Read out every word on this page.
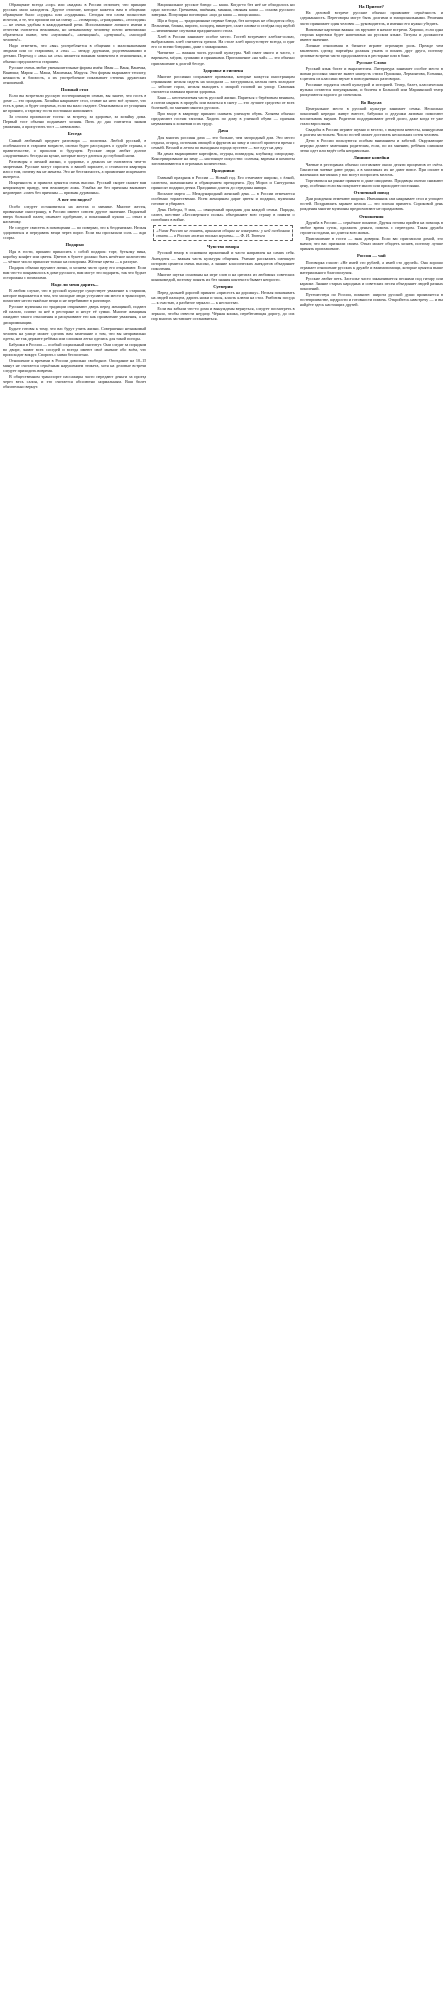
Обращение всегда «сор» или «мадам» в России отличает, что принцип русских мало находится. Другое отличие, которое кажется вам в общении: обращение было «сударь» или «сударыня». Сегодня эти слова полностью исчезли, а те, что пришли им на смену — «товарищ», «гражданин», «господин» — не очень удобны в каждодневной речи. Использование личного имени и отчества считается вежливым, но незнакомому человеку почти невозможно обратиться иначе, чем «мужчина!», «женщина!», «девушка!», «молодой человек!».

Надо отметить, что «вы» употребляется в общении с малознакомыми людьми или со старшими, а «ты» — между друзьями, родственниками и детьми. Переход с «вы» на «ты» является важным моментом в отношениях, и обычно предлагается старшим.

Русские очень любят уменьшительные формы имён: Иван — Ваня, Ванечка, Ванюша; Мария — Маша, Машенька, Маруся. Эти формы выражают теплоту, нежность и близость, а их употребление показывает степень дружеских отношений.

Полный стол

Если вы встретили русскую гостеприимную семью, вы знаете, что гость в доме — это праздник. Хозяйка накрывает стол, ставит на него всё лучшее, что есть в доме, и будет огорчена, если вы мало съедите. Отказываться от угощения не принято, а тарелку гостя постоянно наполняют.

За столом произносят тосты: за встречу, за здоровье, за хозяйку дома. Первый тост обычно поднимает хозяин. Пить до дна считается знаком уважения, а пропустить тост — невежливо.

Беседа

Самый любимый предмет разговора — политика. Любой русский, в особенности в старшем возрасте, охотно будет рассуждать о судьбе страны, о правительстве, о прошлом и будущем. Русские люди любят долгие «задушевные» беседы на кухне, которые могут длиться до глубокой ночи.

Разговоры о личной жизни, о здоровье, о деньгах не считаются чем-то запретным. Русские могут спросить о вашей зарплате, о стоимости квартиры или о том, почему вы не женаты. Это не бестактность, а проявление искреннего интереса.

Искренность и прямота ценятся очень высоко. Русский скорее скажет вам неприятную правду, чем вежливую ложь. Улыбка же без причины вызывает недоверие: «смех без причины — признак дурачины».

А вот это видел?

Особо следует остановиться на жестах и мимике. Многие жесты, привычные иностранцу, в России имеют совсем другое значение. Поднятый вверх большой палец означает одобрение, а показанный кукиш — отказ и насмешку.

Не следует свистеть в помещении — по поверью, это к безденежью. Нельзя здороваться и передавать вещи через порог. Если вы просыпали соль — жди ссоры.

Подарки

Идя в гости, принято приносить с собой подарок: торт, бутылку вина, коробку конфет или цветы. Цветов в букете должно быть нечётное количество — чётное число приносят только на похороны. Жёлтые цветы — к разлуке.

Подарок обычно вручают лично, и хозяева часто сразу его открывают. Если вам что-то понравилось в доме русского, вам могут это подарить, так что будьте осторожны с похвалами.

Надо ли меня дарить...

В любом случае, что в русской культуре существует уважение к старшим, которое выражается в том, что молодые люди уступают им место в транспорте, помогают нести тяжёлые вещи и не перебивают в разговоре.

Русские мужчины по традиции открывают дверь перед женщиной, подают ей пальто, платят за неё в ресторане и несут её сумки. Многие женщины ожидают такого отношения и расценивают его как проявление уважения, а не дискриминации.

Будьте готовы к тому, что вас будут учить жизни. Совершенно незнакомый человек на улице может сделать вам замечание о том, что вы неправильно одеты, не так держите ребёнка или слишком легко оделись для такой погоды.

Бабушки в России — особый социальный институт. Они следят за порядком во дворе, знают всех соседей и всегда имеют своё мнение обо всём, что происходит вокруг. Спорить с ними бесполезно.

Отношение к времени в России довольно свободное. Опоздание на 10–15 минут не считается серьёзным нарушением этикета, хотя на деловые встречи следует приходить вовремя.

В общественном транспорте пассажиры часто передают деньги за проезд через весь салон, и это считается абсолютно нормальным. Ваш билет обязательно вернут.

Национальное русское блюдо — каша. Когда-то без неё не обходилось ни одно застолье. Гречневая, пшённая, манная, овсяная каша — основа русского завтрака. Популярна поговорка: «щи да каша — пища наша».

Щи и борщ — традиционные первые блюда, без которых не обходится обед. Пельмени, блины, пироги, холодец, винегрет, салат оливье и селёдка под шубой — неизменные спутники праздничного стола.

Хлеб в России занимает особое место. Гостей встречают хлебом-солью, выбрасывать хлеб считается грехом. На столе хлеб присутствует всегда, и едят его со всеми блюдами, даже с макаронами.

Чаепитие — важная часть русской культуры. Чай пьют много и часто, с вареньем, мёдом, сушками и пряниками. Приглашение «на чай» — это обычно приглашение к долгой беседе.

Здоровье и гигиена

Многие россияни сохраняют привычки, которые кажутся иностранцам странными: нельзя сидеть на холодном — застудишься, нельзя пить холодное — заболит горло, нельзя выходить с мокрой головой на улицу. Сквозняк считается главным врагом здоровья.

Баня — неотъемлемая часть русской жизни. Париться с берёзовым веником, а потом нырять в прорубь или валяться в снегу — это лучшее средство от всех болезней, по мнению многих русских.

При входе в квартиру принято снимать уличную обувь. Хозяева обычно предлагают гостям тапочки. Ходить по дому в уличной обуви — признак неуважения к хозяевам и их труду.

Дача

Для многих россиян дача — это больше, чем загородный дом. Это место отдыха, огород, источник овощей и фруктов на зиму и способ провести время с семьёй. Весной и летом по выходным города пустеют — все едут на дачу.

На дачах выращивают картофель, огурцы, помидоры, клубнику, смородину. Консервирование на зиму — настоящее искусство: соленья, варенья и компоты заготавливаются в огромных количествах.

Праздники

Главный праздник в России — Новый год. Его отмечают широко, с ёлкой, салютом, шампанским и обращением президента. Дед Мороз и Снегурочка приносят подарки детям. Праздники длятся до середины января.

Восьмое марта — Международный женский день — в России отмечается особенно торжественно. Всем женщинам дарят цветы и подарки, мужчины готовят и убирают.

День Победы, 9 мая, — священный праздник для каждой семьи. Парады, салют, шествие «Бессмертного полка» объединяют всю страну в памяти о погибших в войне.

«Умом Россию не понять, аршином общим не измерить: у ней особенная стать — в Россию можно только верить». — Ф. И. Тютчев
Чувство юмора

Русский юмор в основном ироничный и часто направлен на самих себя. Анекдоты — важная часть культуры общения. Умение рассказать смешную историю ценится очень высоко, а знание классических анекдотов объединяет поколения.

Многие шутки основаны на игре слов и на цитатах из любимых советских кинокомедий, поэтому понять их без знания контекста бывает непросто.

Суеверия

Перед дальней дорогой принято «присесть на дорожку». Нельзя показывать на людей пальцем, дарить ножи и часы, класть ключи на стол. Разбитая посуда — к счастью, а разбитое зеркало — к несчастью.

Если вы забыли что-то дома и вынуждены вернуться, следует посмотреть в зеркало, чтобы отвести неудачу. Чёрная кошка, перебегающая дорогу, до сих пор многих заставляет остановиться.

На Приеме?

На деловой встрече русские обычно проявляют серьёзность и сдержанность. Переговоры могут быть долгими и эмоциональными. Решения часто принимает один человек — руководитель, и именно его нужно убедить.

Визитные карточки важны: их вручают в начале встречи. Хорошо, если одна сторона карточки будет напечатана на русском языке. Титулы и должности имеют значение.

Личные отношения в бизнесе играют огромную роль. Прежде чем заключить сделку, партнёры должны узнать и понять друг друга, поэтому деловые встречи часто продолжаются в ресторане или в бане.

Русское Слово

Русский язык богат и выразителен. Литература занимает особое место в жизни россиян: многие знают наизусть стихи Пушкина, Лермонтова, Есенина, а цитаты из классики звучат в повседневных разговорах.

Россияне гордятся своей культурой и историей. Театр, балет, классическая музыка остаются популярными, и билеты в Большой или Мариинский театр раскупаются задолго до спектакля.

Во Вкусах

Центральное место в русской культуре занимает семья. Несколько поколений нередко живут вместе, бабушки и дедушки активно помогают воспитывать внуков. Родители поддерживают детей долго, даже когда те уже стали взрослыми.

Свадьбы в России играют шумно и весело, с выкупом невесты, конкурсами и долгим застольем. Число гостей может достигать нескольких сотен человек.

Дети в России пользуются особым вниманием и заботой. Окружающие нередко делают замечания родителям, если, по их мнению, ребёнок слишком легко одет или ведёт себя неправильно.

Лишние копейки

Чаевые в ресторанах обычно составляют около десяти процентов от счёта. Таксистам чаевые дают редко, а в магазинах их не дают вовсе. При оплате в маленьких магазинах у вас могут попросить мелочь.

Торговаться на рынке принято и даже ожидаемо. Продавцы охотно снижают цену, особенно если вы покупаете много или приходите постоянно.

Отличный повод

Дни рождения отмечают широко. Именинник сам накрывает стол и угощает гостей. Поздравлять заранее нельзя — это плохая примета. Сороковой день рождения многие мужчины предпочитают не праздновать.

Отношения

Дружба в России — серьёзное понятие. Друзья готовы прийти на помощь в любое время суток, одолжить деньги, помочь с переездом. Такая дружба строится годами, но длится всю жизнь.

Приглашение в гости — знак доверия. Если вас пригласили домой, это значит, что вас признали своим. Отказ может обидеть хозяев, поэтому лучше принять приглашение.

Россия — чай

Поговорка гласит: «Не имей сто рублей, а имей сто друзей». Она хорошо отражает отношение русских к дружбе и взаимопомощи, которые ценятся выше материального благополучия.

Русские любят петь. Застолье часто заканчивается песнями под гитару или караоке. Знание старых народных и советских песен объединяет людей разных поколений.

Путешествуя по России, помните: широта русской души проявляется в гостеприимстве, щедрости и готовности помочь. Откройтесь навстречу — и вы найдёте здесь настоящих друзей.
